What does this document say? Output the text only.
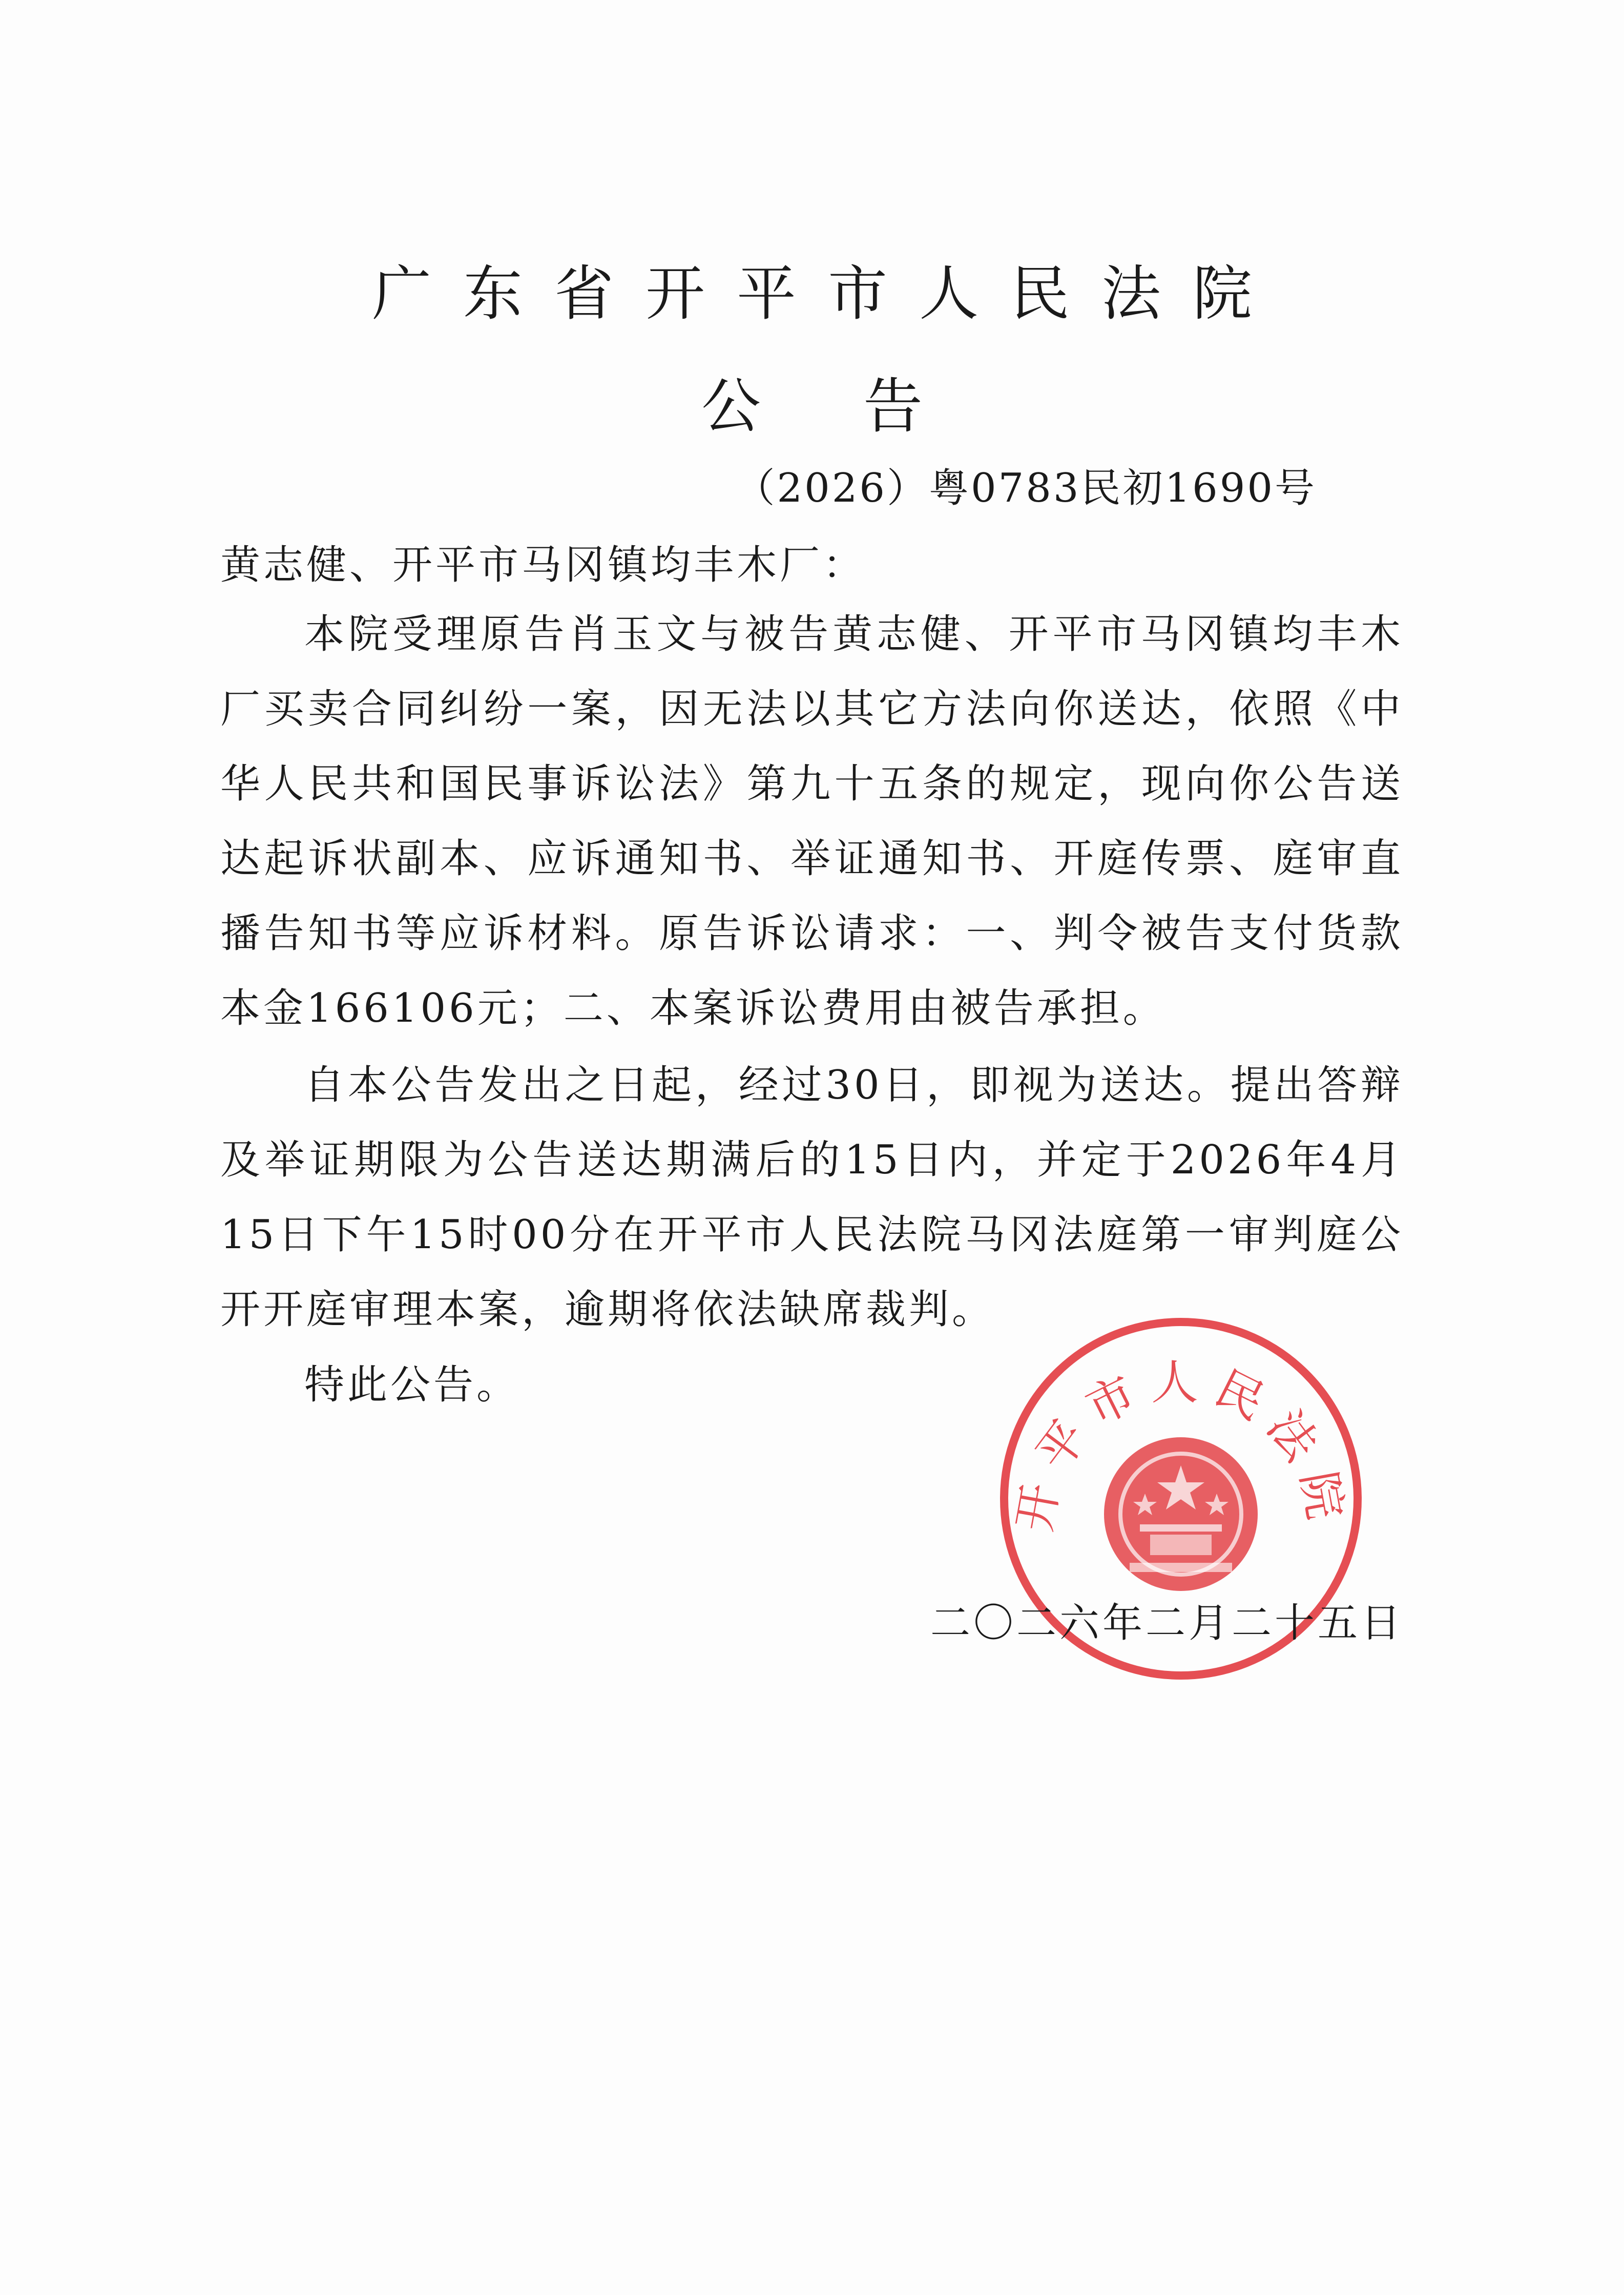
广东省开平市人民法院
公告
（2026）粤0783民初1690号
黄志健、开平市马冈镇均丰木厂：

本院受理原告肖玉文与被告黄志健、开平市马冈镇均丰木厂买卖合同纠纷一案，因无法以其它方法向你送达，依照《中华人民共和国民事诉讼法》第九十五条的规定，现向你公告送达起诉状副本、应诉通知书、举证通知书、开庭传票、庭审直播告知书等应诉材料。原告诉讼请求：一、判令被告支付货款本金166106元；二、本案诉讼费用由被告承担。

自本公告发出之日起，经过30日，即视为送达。提出答辩及举证期限为公告送达期满后的15日内，并定于2026年4月15日下午15时00分在开平市人民法院马冈法庭第一审判庭公开开庭审理本案，逾期将依法缺席裁判。

特此公告。

开平市人民法院
二〇二六年二月二十五日
